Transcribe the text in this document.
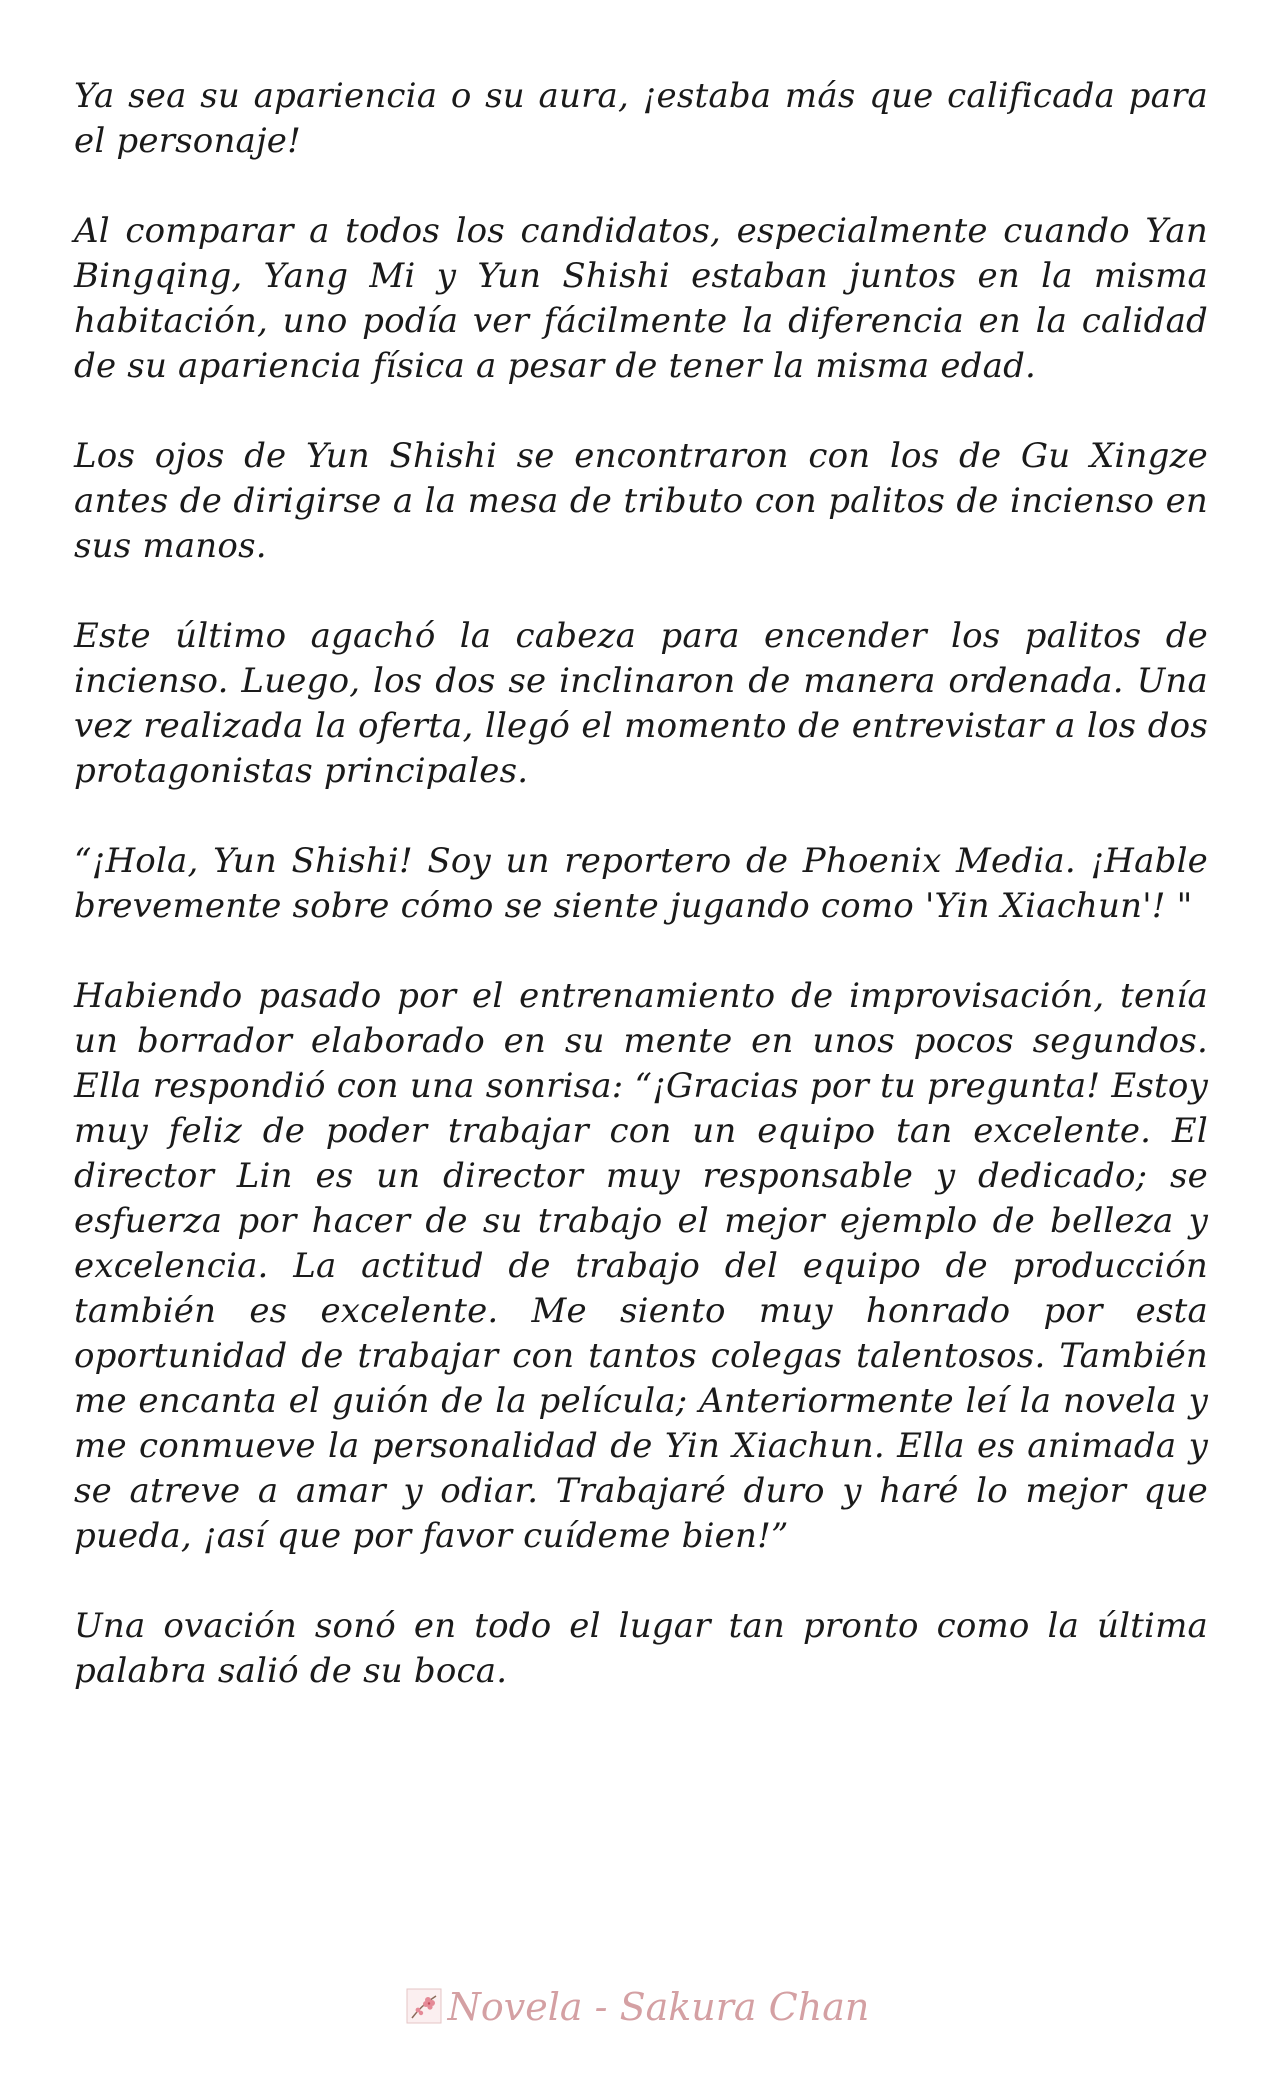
Ya sea su apariencia o su aura, ¡estaba más que calificada para el personaje!

Al comparar a todos los candidatos, especialmente cuando Yan Bingqing, Yang Mi y Yun Shishi estaban juntos en la misma habitación, uno podía ver fácilmente la diferencia en la calidad de su apariencia física a pesar de tener la misma edad.

Los ojos de Yun Shishi se encontraron con los de Gu Xingze antes de dirigirse a la mesa de tributo con palitos de incienso en sus manos.

Este último agachó la cabeza para encender los palitos de incienso. Luego, los dos se inclinaron de manera ordenada. Una vez realizada la oferta, llegó el momento de entrevistar a los dos protagonistas principales.

“¡Hola, Yun Shishi! Soy un reportero de Phoenix Media. ¡Hable brevemente sobre cómo se siente jugando como 'Yin Xiachun'! "

Habiendo pasado por el entrenamiento de improvisación, tenía un borrador elaborado en su mente en unos pocos segundos. Ella respondió con una sonrisa: “¡Gracias por tu pregunta! Estoy muy feliz de poder trabajar con un equipo tan excelente. El director Lin es un director muy responsable y dedicado; se esfuerza por hacer de su trabajo el mejor ejemplo de belleza y excelencia. La actitud de trabajo del equipo de producción también es excelente. Me siento muy honrado por esta oportunidad de trabajar con tantos colegas talentosos. También me encanta el guión de la película; Anteriormente leí la novela y me conmueve la personalidad de Yin Xiachun. Ella es animada y se atreve a amar y odiar. Trabajaré duro y haré lo mejor que pueda, ¡así que por favor cuídeme bien!”

Una ovación sonó en todo el lugar tan pronto como la última palabra salió de su boca.

Novela - Sakura Chan
